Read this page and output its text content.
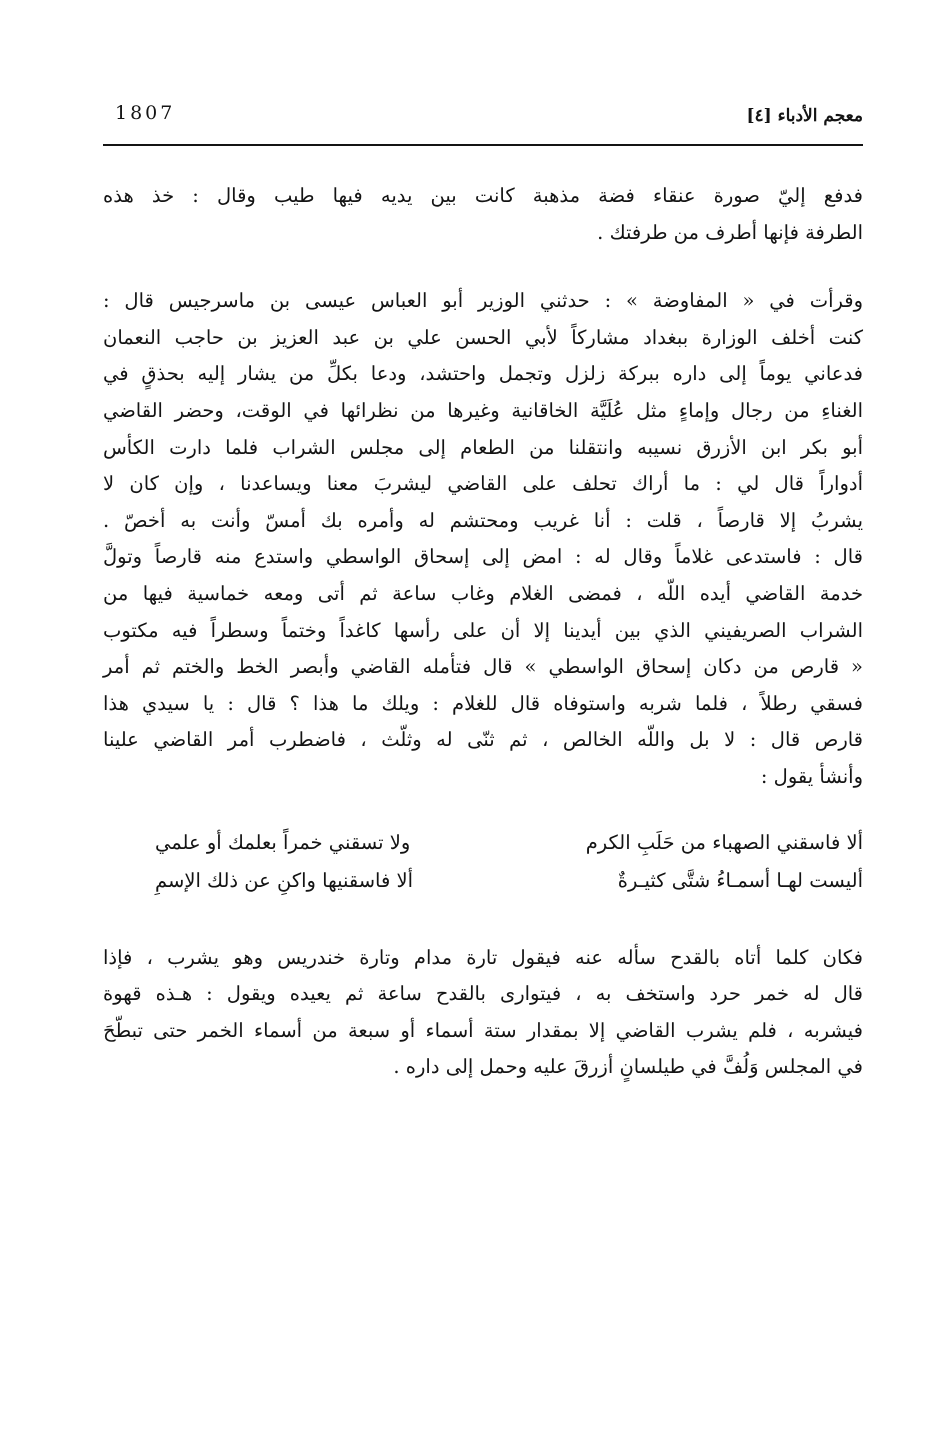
معجم الأدباء [٤]
1807
فدفع إليّ صورة عنقاء فضة مذهبة كانت بين يديه فيها طيب وقال : خذ هذه
الطرفة فإنها أطرف من طرفتك .
وقرأت في « المفاوضة » : حدثني الوزير أبو العباس عيسى بن ماسرجيس قال :
كنت أخلف الوزارة ببغداد مشاركاً لأبي الحسن علي بن عبد العزيز بن حاجب النعمان
فدعاني يوماً إلى داره ببركة زلزل وتجمل واحتشد، ودعا بكلِّ من يشار إليه بحذقٍ في
الغناءِ من رجال وإماءٍ مثل عُلَيَّة الخاقانية وغيرها من نظرائها في الوقت، وحضر القاضي
أبو بكر ابن الأزرق نسيبه وانتقلنا من الطعام إلى مجلس الشراب فلما دارت الكأس
أدواراً قال لي : ما أراك تحلف على القاضي ليشربَ معنا ويساعدنا ، وإن كان لا
يشربُ إلا قارصاً ، قلت : أنا غريب ومحتشم له وأمره بك أمسّ وأنت به أخصّ .
قال : فاستدعى غلاماً وقال له : امض إلى إسحاق الواسطي واستدع منه قارصاً وتولَّ
خدمة القاضي أيده اللّه ، فمضى الغلام وغاب ساعة ثم أتى ومعه خماسية فيها من
الشراب الصريفيني الذي بين أيدينا إلا أن على رأسها كاغداً وختماً وسطراً فيه مكتوب
« قارص من دكان إسحاق الواسطي » قال فتأمله القاضي وأبصر الخط والختم ثم أمر
فسقي رطلاً ، فلما شربه واستوفاه قال للغلام : ويلك ما هذا ؟ قال : يا سيدي هذا
قارص قال : لا بل واللّه الخالص ، ثم ثنّى له وثلّث ، فاضطرب أمر القاضي علينا
وأنشأ يقول :
ألا فاسقني الصهباء من حَلَبِ الكرم
ولا تسقني خمراً بعلمك أو علمي
أليست لهـا أسمـاءُ شتَّى كثيـرةٌ
ألا فاسقنيها واكنِ عن ذلك الإسمِ
فكان كلما أتاه بالقدح سأله عنه فيقول تارة مدام وتارة خندريس وهو يشرب ، فإذا
قال له خمر حرد واستخف به ، فيتوارى بالقدح ساعة ثم يعيده ويقول : هـذه قهوة
فيشربه ، فلم يشرب القاضي إلا بمقدار ستة أسماء أو سبعة من أسماء الخمر حتى تبطّحَ
في المجلس وَلُفَّ في طيلسانٍ أزرقَ عليه وحمل إلى داره .
